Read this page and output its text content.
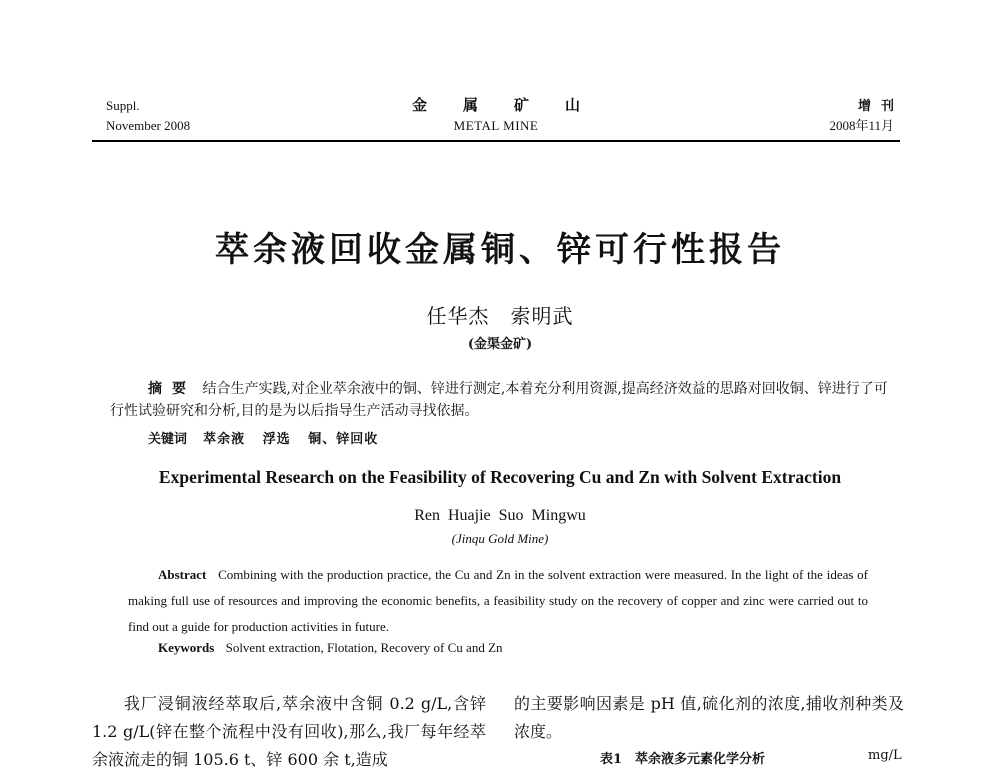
Suppl.
November 2008
金属矿山
METAL MINE
增刊
2008年11月
萃余液回收金属铜、锌可行性报告
任华杰　索明武
(金渠金矿)
摘要 结合生产实践,对企业萃余液中的铜、锌进行测定,本着充分利用资源,提高经济效益的思路对回收铜、锌进行了可行性试验研究和分析,目的是为以后指导生产活动寻找依据。
关键词 萃余液 浮选 铜、锌回收
Experimental Research on the Feasibility of Recovering Cu and Zn with Solvent Extraction
Ren Huajie Suo Mingwu
(Jinqu Gold Mine)
Abstract Combining with the production practice, the Cu and Zn in the solvent extraction were measured. In the light of the ideas of making full use of resources and improving the economic benefits, a feasibility study on the recovery of copper and zinc were carried out to find out a guide for production activities in future.
Keywords Solvent extraction, Flotation, Recovery of Cu and Zn

我厂浸铜液经萃取后,萃余液中含铜 0.2 g/L,含锌 1.2 g/L(锌在整个流程中没有回收),那么,我厂每年经萃余液流走的铜 105.6 t、锌 600 余 t,造成

的主要影响因素是 pH 值,硫化剂的浓度,捕收剂种类及浓度。

表1　萃余液多元素化学分析	mg/L
